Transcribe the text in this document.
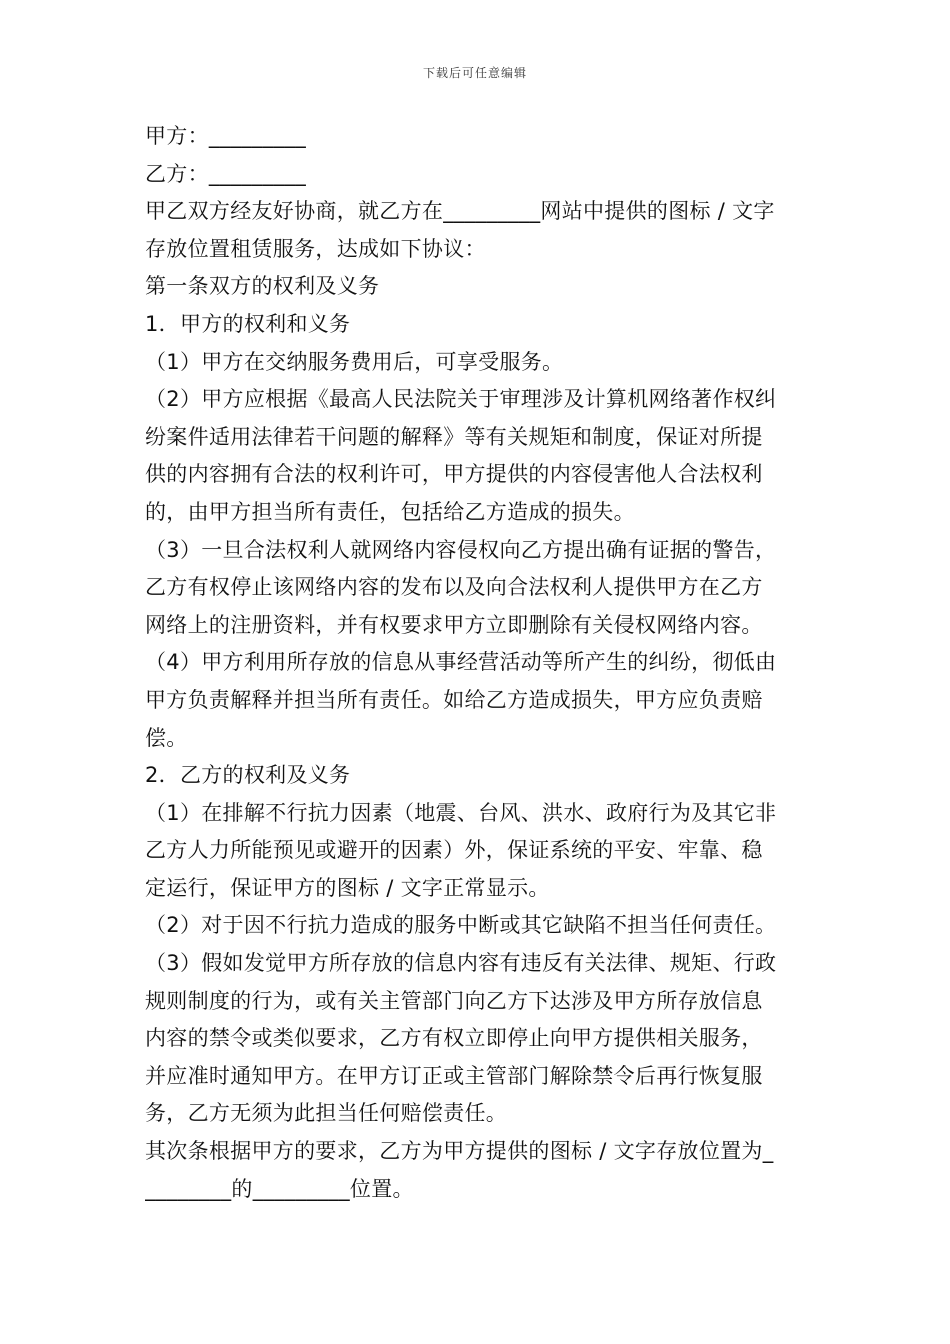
下载后可任意编辑
甲方：_________
乙方：_________
甲乙双方经友好协商，就乙方在_________网站中提供的图标 / 文字
存放位置租赁服务，达成如下协议：
第一条双方的权利及义务
1．甲方的权利和义务
（1）甲方在交纳服务费用后，可享受服务。
（2）甲方应根据《最高人民法院关于审理涉及计算机网络著作权纠
纷案件适用法律若干问题的解释》等有关规矩和制度，保证对所提
供的内容拥有合法的权利许可，甲方提供的内容侵害他人合法权利
的，由甲方担当所有责任，包括给乙方造成的损失。
（3）一旦合法权利人就网络内容侵权向乙方提出确有证据的警告，
乙方有权停止该网络内容的发布以及向合法权利人提供甲方在乙方
网络上的注册资料，并有权要求甲方立即删除有关侵权网络内容。
（4）甲方利用所存放的信息从事经营活动等所产生的纠纷，彻低由
甲方负责解释并担当所有责任。如给乙方造成损失，甲方应负责赔
偿。
2．乙方的权利及义务
（1）在排解不行抗力因素（地震、台风、洪水、政府行为及其它非
乙方人力所能预见或避开的因素）外，保证系统的平安、牢靠、稳
定运行，保证甲方的图标 / 文字正常显示。
（2）对于因不行抗力造成的服务中断或其它缺陷不担当任何责任。
（3）假如发觉甲方所存放的信息内容有违反有关法律、规矩、行政
规则制度的行为，或有关主管部门向乙方下达涉及甲方所存放信息
内容的禁令或类似要求，乙方有权立即停止向甲方提供相关服务，
并应准时通知甲方。在甲方订正或主管部门解除禁令后再行恢复服
务，乙方无须为此担当任何赔偿责任。
其次条根据甲方的要求，乙方为甲方提供的图标 / 文字存放位置为_
________的_________位置。
